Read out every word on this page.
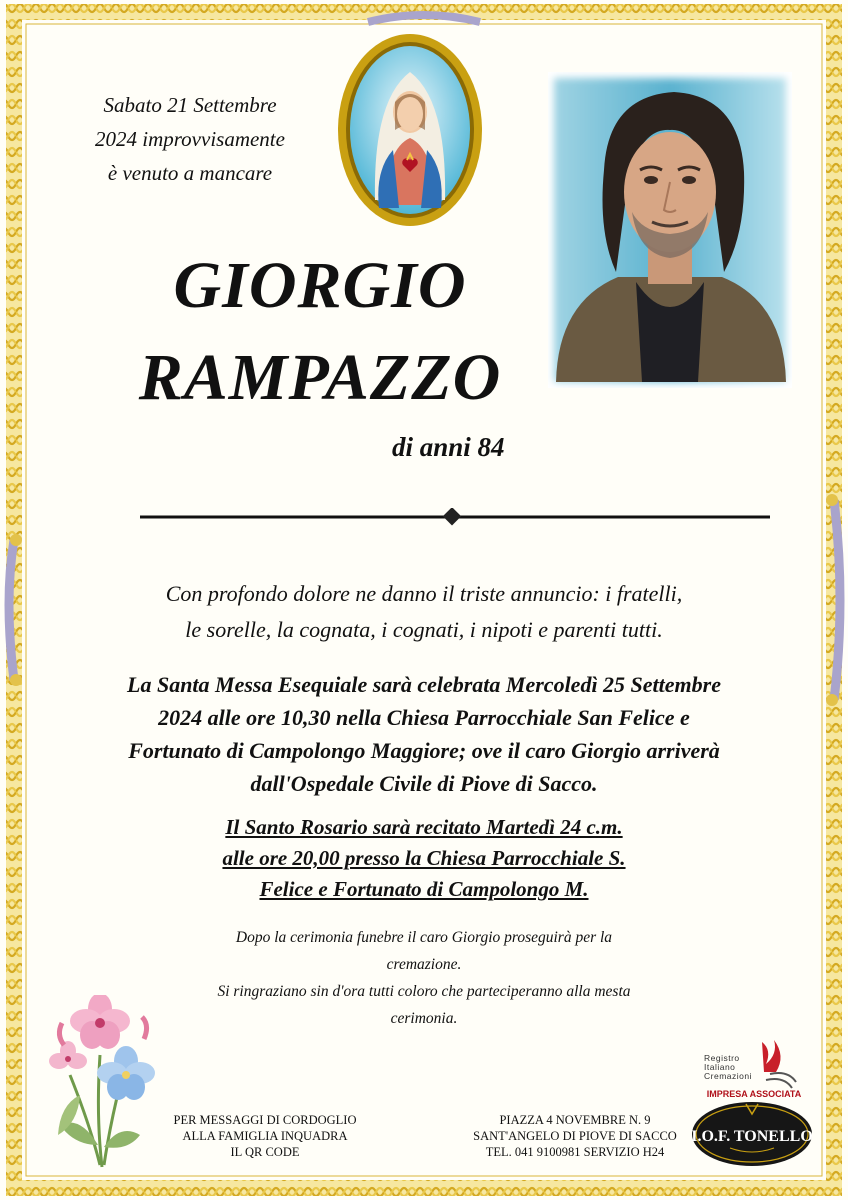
Sabato 21 Settembre
2024 improvvisamente
è venuto a mancare
GIORGIO
RAMPAZZO
di anni 84
Con profondo dolore ne danno il triste annuncio: i fratelli,
le sorelle, la cognata, i cognati, i nipoti e parenti tutti.
La Santa Messa Esequiale sarà celebrata Mercoledì 25 Settembre
2024 alle ore 10,30 nella Chiesa Parrocchiale San Felice e
Fortunato di Campolongo Maggiore; ove il caro Giorgio arriverà
dall'Ospedale Civile di Piove di Sacco.
Il Santo Rosario sarà recitato Martedì 24 c.m.
alle ore 20,00 presso la Chiesa Parrocchiale S.
Felice e Fortunato di Campolongo M.
Dopo la cerimonia funebre il caro Giorgio proseguirà per la
cremazione.
Si ringraziano sin d'ora tutti coloro che parteciperanno alla mesta
cerimonia.
PER MESSAGGI DI CORDOGLIO
ALLA FAMIGLIA INQUADRA
IL QR CODE
PIAZZA 4 NOVEMBRE N. 9
SANT'ANGELO DI PIOVE DI SACCO
TEL. 041 9100981 SERVIZIO H24
Registro
Italiano
Cremazioni
IMPRESA ASSOCIATA
I.O.F. TONELLO
